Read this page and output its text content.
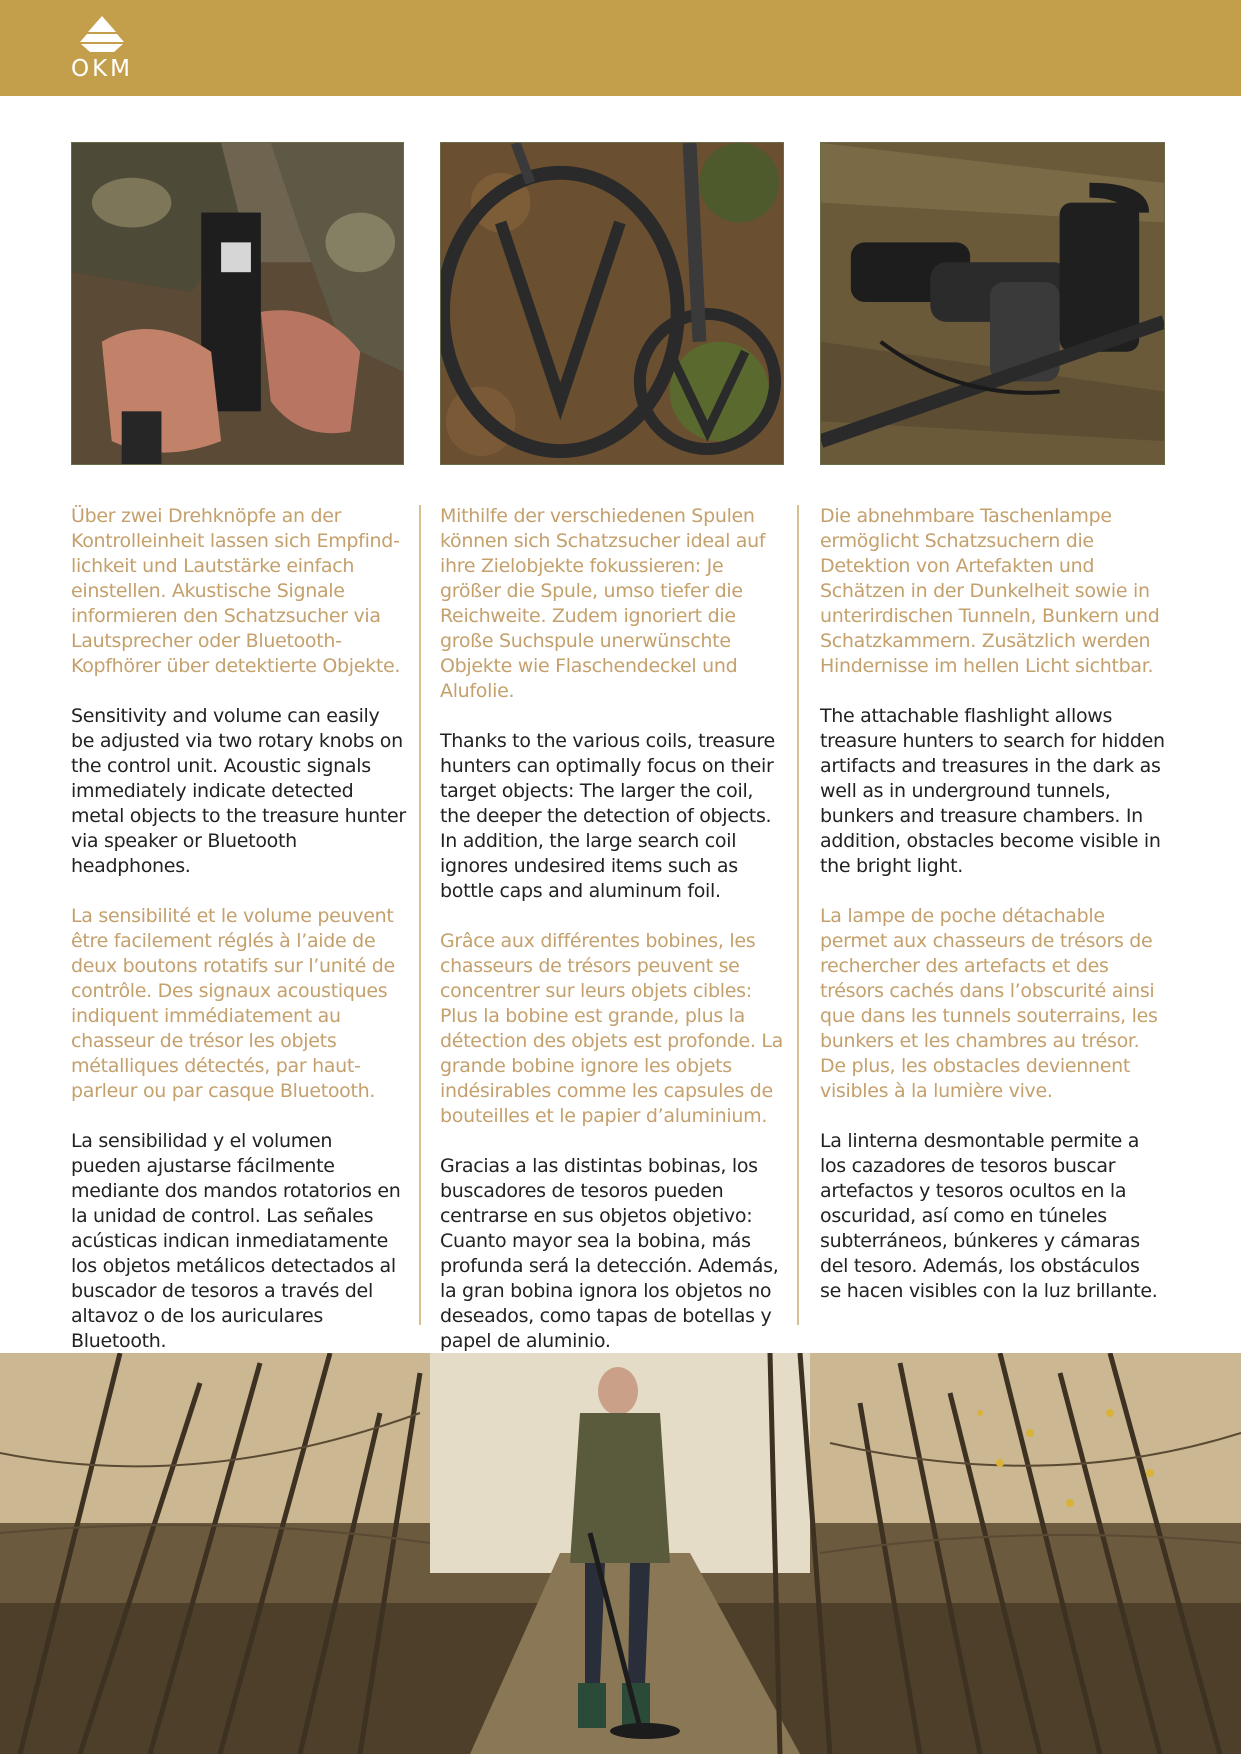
OKM

Über zwei Drehknöpfe an der Kontrolleinheit lassen sich Empfindlichkeit und Lautstärke einfach einstellen. Akustische Signale informieren den Schatzsucher via Lautsprecher oder Bluetooth-Kopfhörer über detektierte Objekte.

Sensitivity and volume can easily be adjusted via two rotary knobs on the control unit. Acoustic signals immediately indicate detected metal objects to the treasure hunter via speaker or Bluetooth headphones.

La sensibilité et le volume peuvent être facilement réglés à l’aide de deux boutons rotatifs sur l’unité de contrôle. Des signaux acoustiques indiquent immédiatement au chasseur de trésor les objets métalliques détectés, par haut-parleur ou par casque Bluetooth.

La sensibilidad y el volumen pueden ajustarse fácilmente mediante dos mandos rotatorios en la unidad de control. Las señales acústicas indican inmediatamente los objetos metálicos detectados al buscador de tesoros a través del altavoz o de los auriculares Bluetooth.

Mithilfe der verschiedenen Spulen können sich Schatzsucher ideal auf ihre Zielobjekte fokussieren: Je größer die Spule, umso tiefer die Reichweite. Zudem ignoriert die große Suchspule unerwünschte Objekte wie Flaschendeckel und Alufolie.

Thanks to the various coils, treasure hunters can optimally focus on their target objects: The larger the coil, the deeper the detection of objects. In addition, the large search coil ignores undesired items such as bottle caps and aluminum foil.

Grâce aux différentes bobines, les chasseurs de trésors peuvent se concentrer sur leurs objets cibles: Plus la bobine est grande, plus la détection des objets est profonde. La grande bobine ignore les objets indésirables comme les capsules de bouteilles et le papier d’aluminium.

Gracias a las distintas bobinas, los buscadores de tesoros pueden centrarse en sus objetos objetivo: Cuanto mayor sea la bobina, más profunda será la detección. Además, la gran bobina ignora los objetos no deseados, como tapas de botellas y papel de aluminio.

Die abnehmbare Taschenlampe ermöglicht Schatzsuchern die Detektion von Artefakten und Schätzen in der Dunkelheit sowie in unterirdischen Tunneln, Bunkern und Schatzkammern. Zusätzlich werden Hindernisse im hellen Licht sichtbar.

The attachable flashlight allows treasure hunters to search for hidden artifacts and treasures in the dark as well as in underground tunnels, bunkers and treasure chambers. In addition, obstacles become visible in the bright light.

La lampe de poche détachable permet aux chasseurs de trésors de rechercher des artefacts et des trésors cachés dans l’obscurité ainsi que dans les tunnels souterrains, les bunkers et les chambres au trésor. De plus, les obstacles deviennent visibles à la lumière vive.

La linterna desmontable permite a los cazadores de tesoros buscar artefactos y tesoros ocultos en la oscuridad, así como en túneles subterráneos, búnkeres y cámaras del tesoro. Además, los obstáculos se hacen visibles con la luz brillante.
